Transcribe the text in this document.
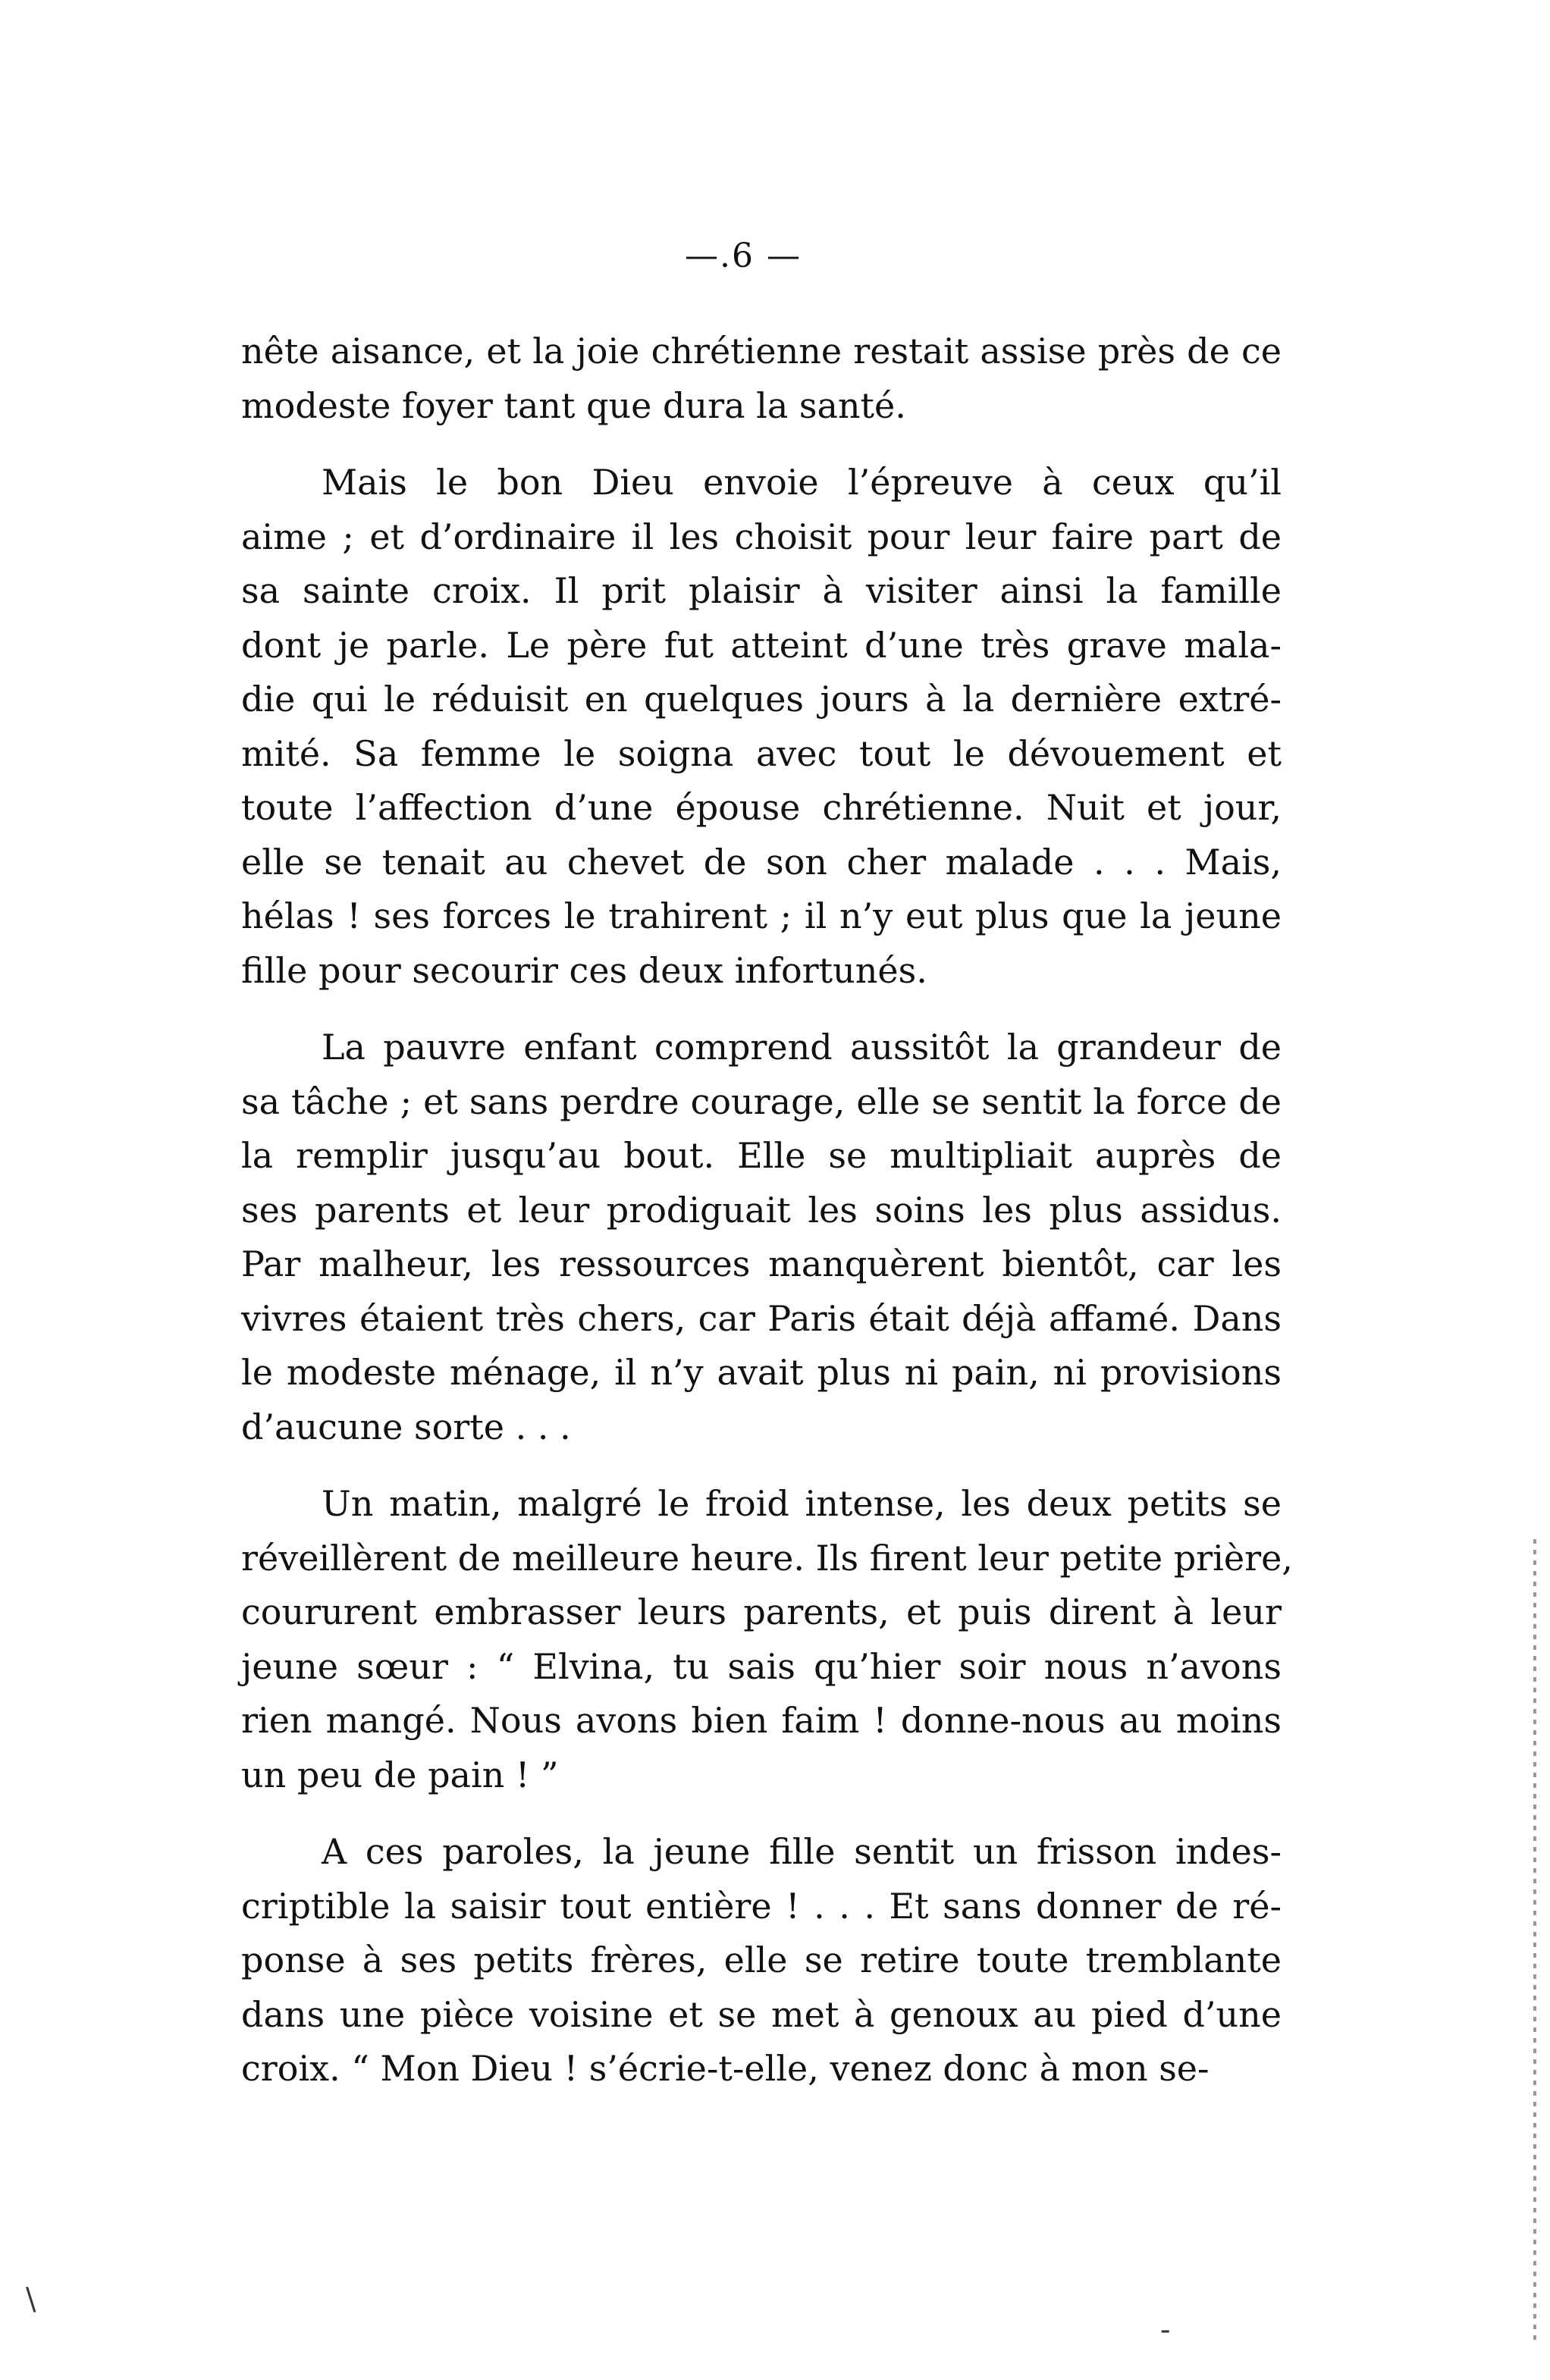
—.6 —

nête aisance, et la joie chrétienne restait assise près de ce
modeste foyer tant que dura la santé.

Mais le bon Dieu envoie l’épreuve à ceux qu’il
aime ; et d’ordinaire il les choisit pour leur faire part de
sa sainte croix. Il prit plaisir à visiter ainsi la famille
dont je parle. Le père fut atteint d’une très grave mala-
die qui le réduisit en quelques jours à la dernière extré-
mité. Sa femme le soigna avec tout le dévouement et
toute l’affection d’une épouse chrétienne. Nuit et jour,
elle se tenait au chevet de son cher malade . . . Mais,
hélas ! ses forces le trahirent ; il n’y eut plus que la jeune
fille pour secourir ces deux infortunés.

La pauvre enfant comprend aussitôt la grandeur de
sa tâche ; et sans perdre courage, elle se sentit la force de
la remplir jusqu’au bout. Elle se multipliait auprès de
ses parents et leur prodiguait les soins les plus assidus.
Par malheur, les ressources manquèrent bientôt, car les
vivres étaient très chers, car Paris était déjà affamé. Dans
le modeste ménage, il n’y avait plus ni pain, ni provisions
d’aucune sorte . . .

Un matin, malgré le froid intense, les deux petits se
réveillèrent de meilleure heure. Ils firent leur petite prière,
coururent embrasser leurs parents, et puis dirent à leur
jeune sœur : “ Elvina, tu sais qu’hier soir nous n’avons
rien mangé. Nous avons bien faim ! donne-nous au moins
un peu de pain ! ”

A ces paroles, la jeune fille sentit un frisson indes-
criptible la saisir tout entière ! . . . Et sans donner de ré-
ponse à ses petits frères, elle se retire toute tremblante
dans une pièce voisine et se met à genoux au pied d’une
croix. “ Mon Dieu ! s’écrie-t-elle, venez donc à mon se-

\
-
